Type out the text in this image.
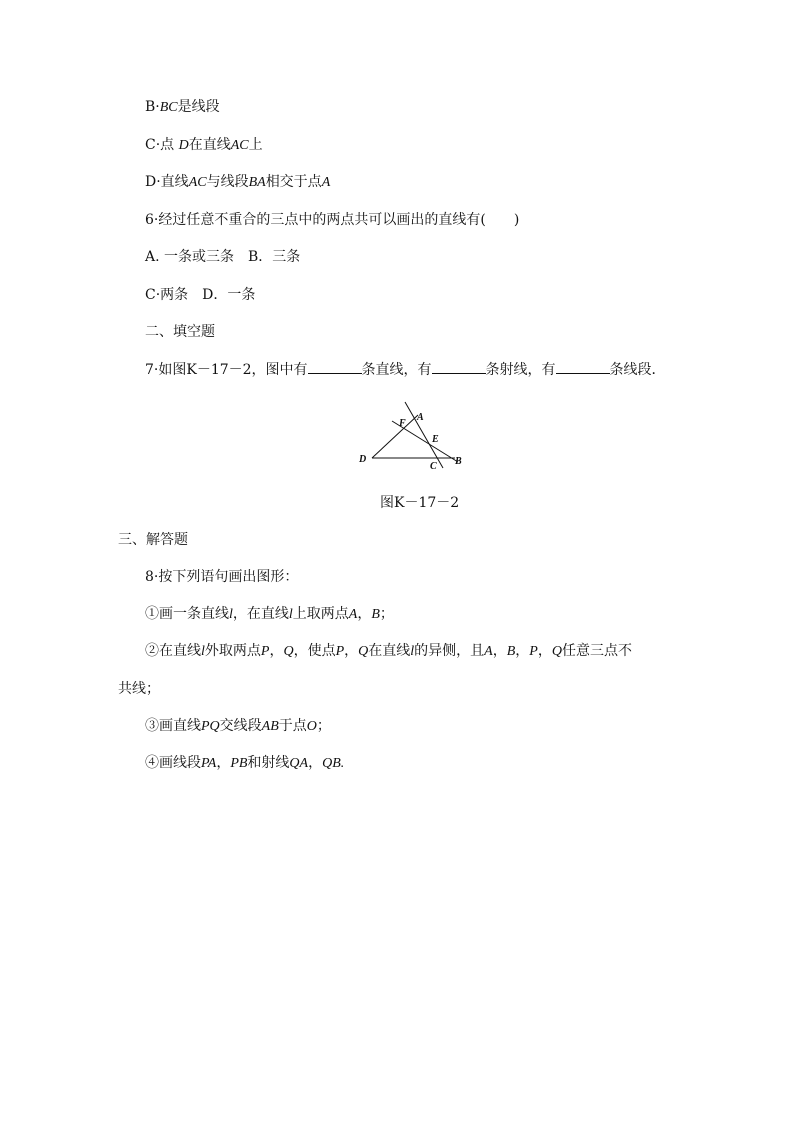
B·BC是线段
C·点 D在直线AC上
D·直线AC与线段BA相交于点A
6·经过任意不重合的三点中的两点共可以画出的直线有(　　)
A. 一条或三条　B．三条
C·两条　D．一条
二、填空题
7·如图K－17－2，图中有	条直线，有	条射线，有	条线段．
F
A
E
D
C B
图K－17－2
三、解答题
8·按下列语句画出图形：
①画一条直线l，在直线l上取两点A，B；
②在直线l外取两点P，Q，使点P，Q在直线l的异侧，且A，B，P，Q任意三点不
共线；
③画直线PQ交线段AB于点O；
④画线段PA，PB和射线QA，QB.
